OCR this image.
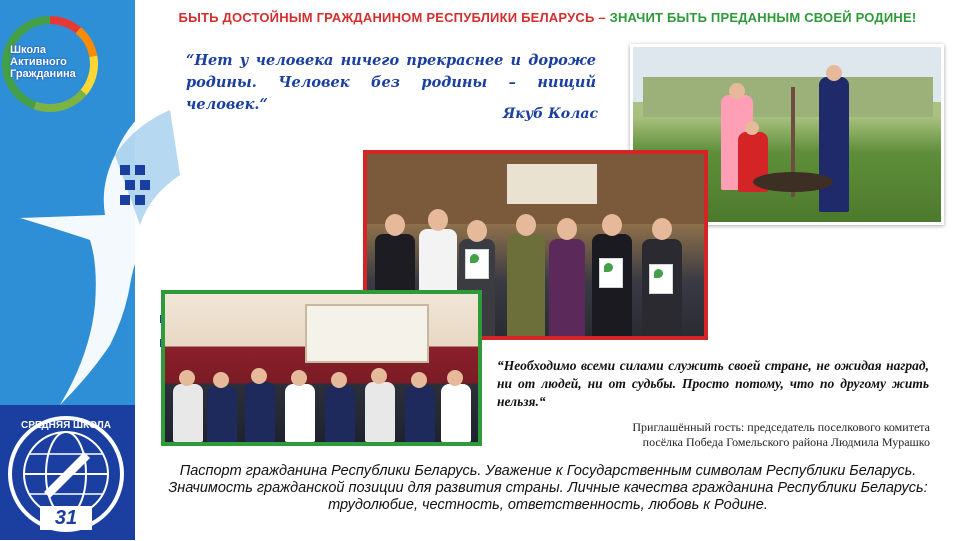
Школа
Активного
Гражданина
СРЕДНЯЯ ШКОЛА
31
БЫТЬ ДОСТОЙНЫМ ГРАЖДАНИНОМ РЕСПУБЛИКИ БЕЛАРУСЬ – ЗНАЧИТ БЫТЬ ПРЕДАННЫМ СВОЕЙ РОДИНЕ!
“Нет у человека ничего прекраснее и дороже родины. Человек без родины – нищий человек.“
Якуб Колас
“Необходимо всеми силами служить своей стране, не ожидая наград, ни от людей, ни от судьбы. Просто потому, что по другому жить нельзя.“
Приглашённый гость: председатель поселкового комитета
посёлка Победа Гомельского района Людмила Мурашко
Паспорт гражданина Республики Беларусь. Уважение к Государственным символам Республики Беларусь. Значимость гражданской позиции для развития страны. Личные качества гражданина Республики Беларусь: трудолюбие, честность, ответственность, любовь к Родине.
